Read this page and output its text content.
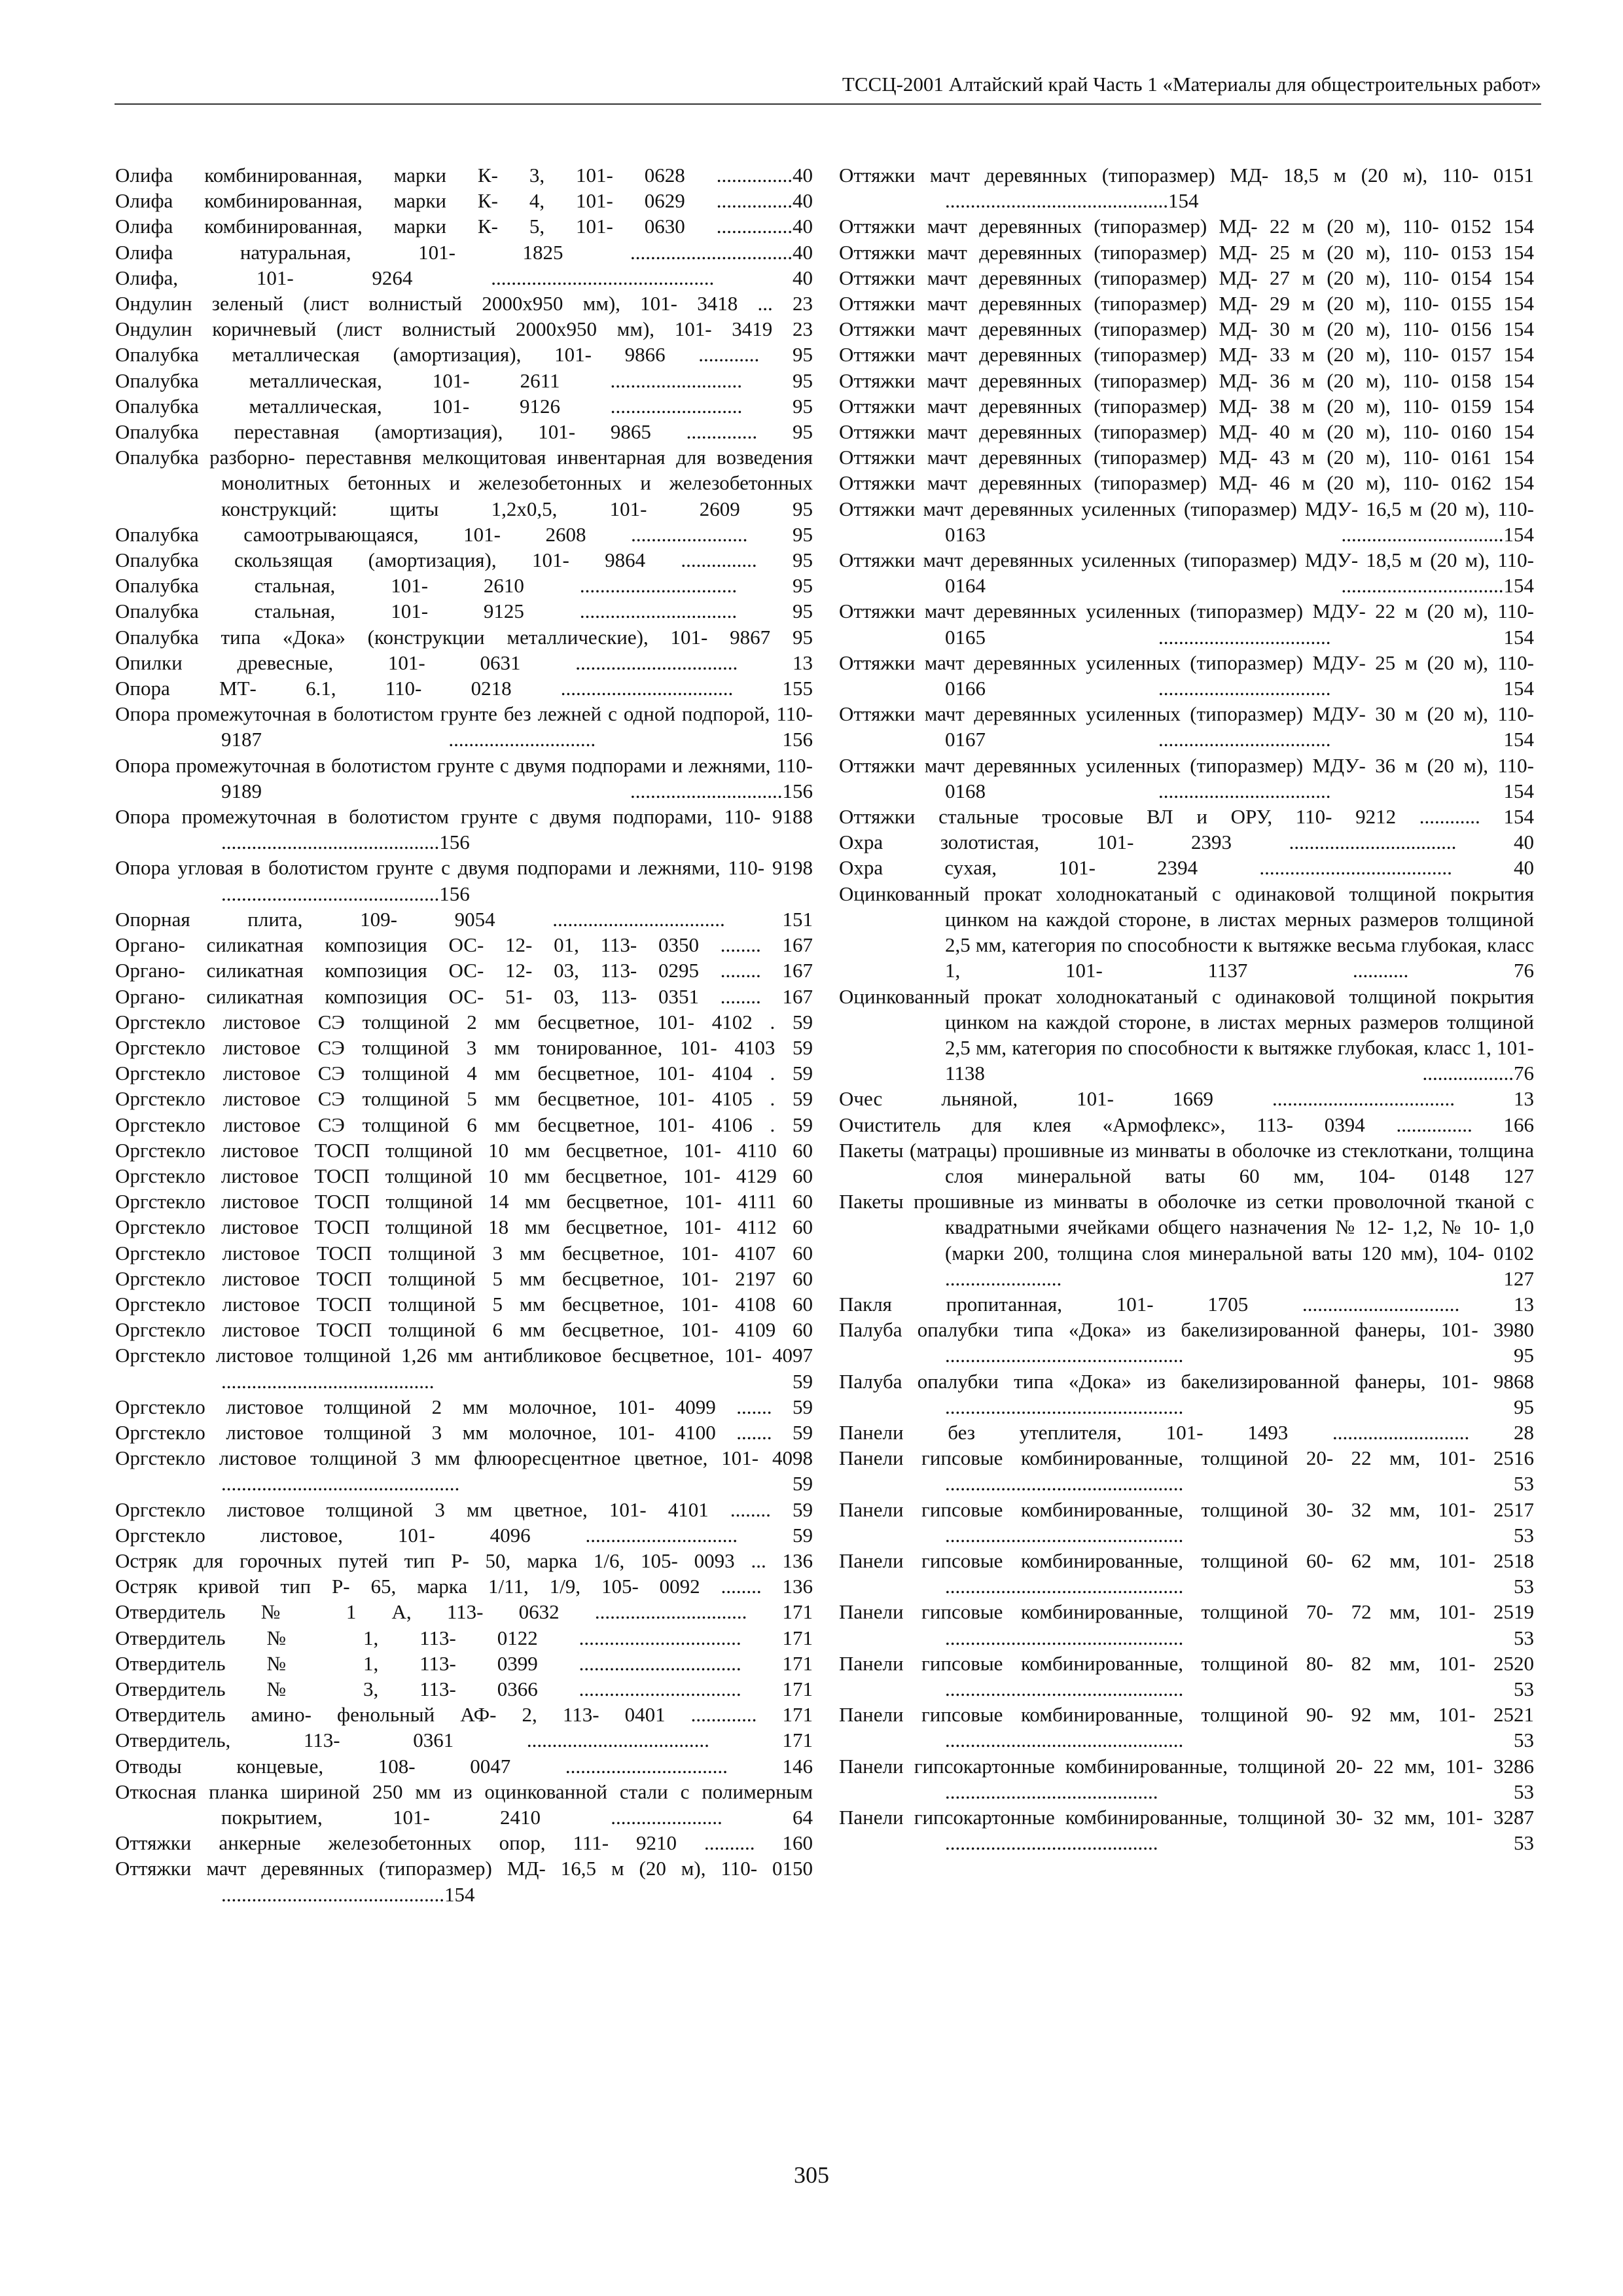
ТССЦ-2001 Алтайский край Часть 1 «Материалы для общестроительных работ»
Олифа комбинированная, марки К- 3, 101- 0628 ...............40
Олифа комбинированная, марки К- 4, 101- 0629 ...............40
Олифа комбинированная, марки К- 5, 101- 0630 ...............40
Олифа натуральная, 101- 1825 ................................40
Олифа, 101- 9264 ............................................ 40
Ондулин зеленый (лист волнистый 2000х950 мм), 101- 3418 ... 23
Ондулин коричневый (лист волнистый 2000х950 мм), 101- 3419 23
Опалубка металлическая (амортизация), 101- 9866 ............ 95
Опалубка металлическая, 101- 2611 .......................... 95
Опалубка металлическая, 101- 9126 .......................... 95
Опалубка переставная (амортизация), 101- 9865 .............. 95
Опалубка разборно- переставнвя мелкощитовая инвентарная для возведения монолитных бетонных и железобетонных и железобетонных конструкций: щиты 1,2х0,5, 101- 2609 95
Опалубка самоотрывающаяся, 101- 2608 ....................... 95
Опалубка скользящая (амортизация), 101- 9864 ............... 95
Опалубка стальная, 101- 2610 ............................... 95
Опалубка стальная, 101- 9125 ............................... 95
Опалубка типа «Дока» (конструкции металлические), 101- 9867 95
Опилки древесные, 101- 0631 ................................ 13
Опора МТ- 6.1, 110- 0218 .................................. 155
Опора промежуточная в болотистом грунте без лежней с одной подпорой, 110- 9187 ............................. 156
Опора промежуточная в болотистом грунте с двумя подпорами и лежнями, 110- 9189 ..............................156
Опора промежуточная в болотистом грунте с двумя подпорами, 110- 9188 ...........................................156
Опора угловая в болотистом грунте с двумя подпорами и лежнями, 110- 9198 ...........................................156
Опорная плита, 109- 9054 .................................. 151
Органо- силикатная композиция ОС- 12- 01, 113- 0350 ........ 167
Органо- силикатная композиция ОС- 12- 03, 113- 0295 ........ 167
Органо- силикатная композиция ОС- 51- 03, 113- 0351 ........ 167
Оргстекло листовое СЭ толщиной 2 мм бесцветное, 101- 4102 . 59
Оргстекло листовое СЭ толщиной 3 мм тонированное, 101- 4103 59
Оргстекло листовое СЭ толщиной 4 мм бесцветное, 101- 4104 . 59
Оргстекло листовое СЭ толщиной 5 мм бесцветное, 101- 4105 . 59
Оргстекло листовое СЭ толщиной 6 мм бесцветное, 101- 4106 . 59
Оргстекло листовое ТОСП толщиной 10 мм бесцветное, 101- 4110 60
Оргстекло листовое ТОСП толщиной 10 мм бесцветное, 101- 4129 60
Оргстекло листовое ТОСП толщиной 14 мм бесцветное, 101- 4111 60
Оргстекло листовое ТОСП толщиной 18 мм бесцветное, 101- 4112 60
Оргстекло листовое ТОСП толщиной 3 мм бесцветное, 101- 4107 60
Оргстекло листовое ТОСП толщиной 5 мм бесцветное, 101- 2197 60
Оргстекло листовое ТОСП толщиной 5 мм бесцветное, 101- 4108 60
Оргстекло листовое ТОСП толщиной 6 мм бесцветное, 101- 4109 60
Оргстекло листовое толщиной 1,26 мм антибликовое бесцветное, 101- 4097 .......................................... 59
Оргстекло листовое толщиной 2 мм молочное, 101- 4099 ....... 59
Оргстекло листовое толщиной 3 мм молочное, 101- 4100 ....... 59
Оргстекло листовое толщиной 3 мм флюоресцентное цветное, 101- 4098 ............................................... 59
Оргстекло листовое толщиной 3 мм цветное, 101- 4101 ........ 59
Оргстекло листовое, 101- 4096 .............................. 59
Остряк для горочных путей тип Р- 50, марка 1/6, 105- 0093 ... 136
Остряк кривой тип Р- 65, марка 1/11, 1/9, 105- 0092 ........ 136
Отвердитель № 1 А, 113- 0632 .............................. 171
Отвердитель № 1, 113- 0122 ................................ 171
Отвердитель № 1, 113- 0399 ................................ 171
Отвердитель № 3, 113- 0366 ................................ 171
Отвердитель амино- фенольный АФ- 2, 113- 0401 ............. 171
Отвердитель, 113- 0361 .................................... 171
Отводы концевые, 108- 0047 ................................ 146
Откосная планка шириной 250 мм из оцинкованной стали с полимерным покрытием, 101- 2410 ...................... 64
Оттяжки анкерные железобетонных опор, 111- 9210 .......... 160
Оттяжки мачт деревянных (типоразмер) МД- 16,5 м (20 м), 110- 0150 ............................................154
Оттяжки мачт деревянных (типоразмер) МД- 18,5 м (20 м), 110- 0151 ............................................154
Оттяжки мачт деревянных (типоразмер) МД- 22 м (20 м), 110- 0152 154
Оттяжки мачт деревянных (типоразмер) МД- 25 м (20 м), 110- 0153 154
Оттяжки мачт деревянных (типоразмер) МД- 27 м (20 м), 110- 0154 154
Оттяжки мачт деревянных (типоразмер) МД- 29 м (20 м), 110- 0155 154
Оттяжки мачт деревянных (типоразмер) МД- 30 м (20 м), 110- 0156 154
Оттяжки мачт деревянных (типоразмер) МД- 33 м (20 м), 110- 0157 154
Оттяжки мачт деревянных (типоразмер) МД- 36 м (20 м), 110- 0158 154
Оттяжки мачт деревянных (типоразмер) МД- 38 м (20 м), 110- 0159 154
Оттяжки мачт деревянных (типоразмер) МД- 40 м (20 м), 110- 0160 154
Оттяжки мачт деревянных (типоразмер) МД- 43 м (20 м), 110- 0161 154
Оттяжки мачт деревянных (типоразмер) МД- 46 м (20 м), 110- 0162 154
Оттяжки мачт деревянных усиленных (типоразмер) МДУ- 16,5 м (20 м), 110- 0163 ................................154
Оттяжки мачт деревянных усиленных (типоразмер) МДУ- 18,5 м (20 м), 110- 0164 ................................154
Оттяжки мачт деревянных усиленных (типоразмер) МДУ- 22 м (20 м), 110- 0165 .................................. 154
Оттяжки мачт деревянных усиленных (типоразмер) МДУ- 25 м (20 м), 110- 0166 .................................. 154
Оттяжки мачт деревянных усиленных (типоразмер) МДУ- 30 м (20 м), 110- 0167 .................................. 154
Оттяжки мачт деревянных усиленных (типоразмер) МДУ- 36 м (20 м), 110- 0168 .................................. 154
Оттяжки стальные тросовые ВЛ и ОРУ, 110- 9212 ............ 154
Охра золотистая, 101- 2393 ................................. 40
Охра сухая, 101- 2394 ...................................... 40
Оцинкованный прокат холоднокатаный с одинаковой толщиной покрытия цинком на каждой стороне, в листах мерных размеров толщиной 2,5 мм, категория по способности к вытяжке весьма глубокая, класс 1, 101- 1137 ........... 76
Оцинкованный прокат холоднокатаный с одинаковой толщиной покрытия цинком на каждой стороне, в листах мерных размеров толщиной 2,5 мм, категория по способности к вытяжке глубокая, класс 1, 101- 1138 ..................76
Очес льняной, 101- 1669 .................................... 13
Очиститель для клея «Армофлекс», 113- 0394 ............... 166
Пакеты (матрацы) прошивные из минваты в оболочке из стеклоткани, толщина слоя минеральной ваты 60 мм, 104- 0148 127
Пакеты прошивные из минваты в оболочке из сетки проволочной тканой с квадратными ячейками общего назначения № 12- 1,2, № 10- 1,0 (марки 200, толщина слоя минеральной ваты 120 мм), 104- 0102 ....................... 127
Пакля пропитанная, 101- 1705 ............................... 13
Палуба опалубки типа «Дока» из бакелизированной фанеры, 101- 3980 ............................................... 95
Палуба опалубки типа «Дока» из бакелизированной фанеры, 101- 9868 ............................................... 95
Панели без утеплителя, 101- 1493 ........................... 28
Панели гипсовые комбинированные, толщиной 20- 22 мм, 101- 2516 ............................................... 53
Панели гипсовые комбинированные, толщиной 30- 32 мм, 101- 2517 ............................................... 53
Панели гипсовые комбинированные, толщиной 60- 62 мм, 101- 2518 ............................................... 53
Панели гипсовые комбинированные, толщиной 70- 72 мм, 101- 2519 ............................................... 53
Панели гипсовые комбинированные, толщиной 80- 82 мм, 101- 2520 ............................................... 53
Панели гипсовые комбинированные, толщиной 90- 92 мм, 101- 2521 ............................................... 53
Панели гипсокартонные комбинированные, толщиной 20- 22 мм, 101- 3286 .......................................... 53
Панели гипсокартонные комбинированные, толщиной 30- 32 мм, 101- 3287 .......................................... 53
305
